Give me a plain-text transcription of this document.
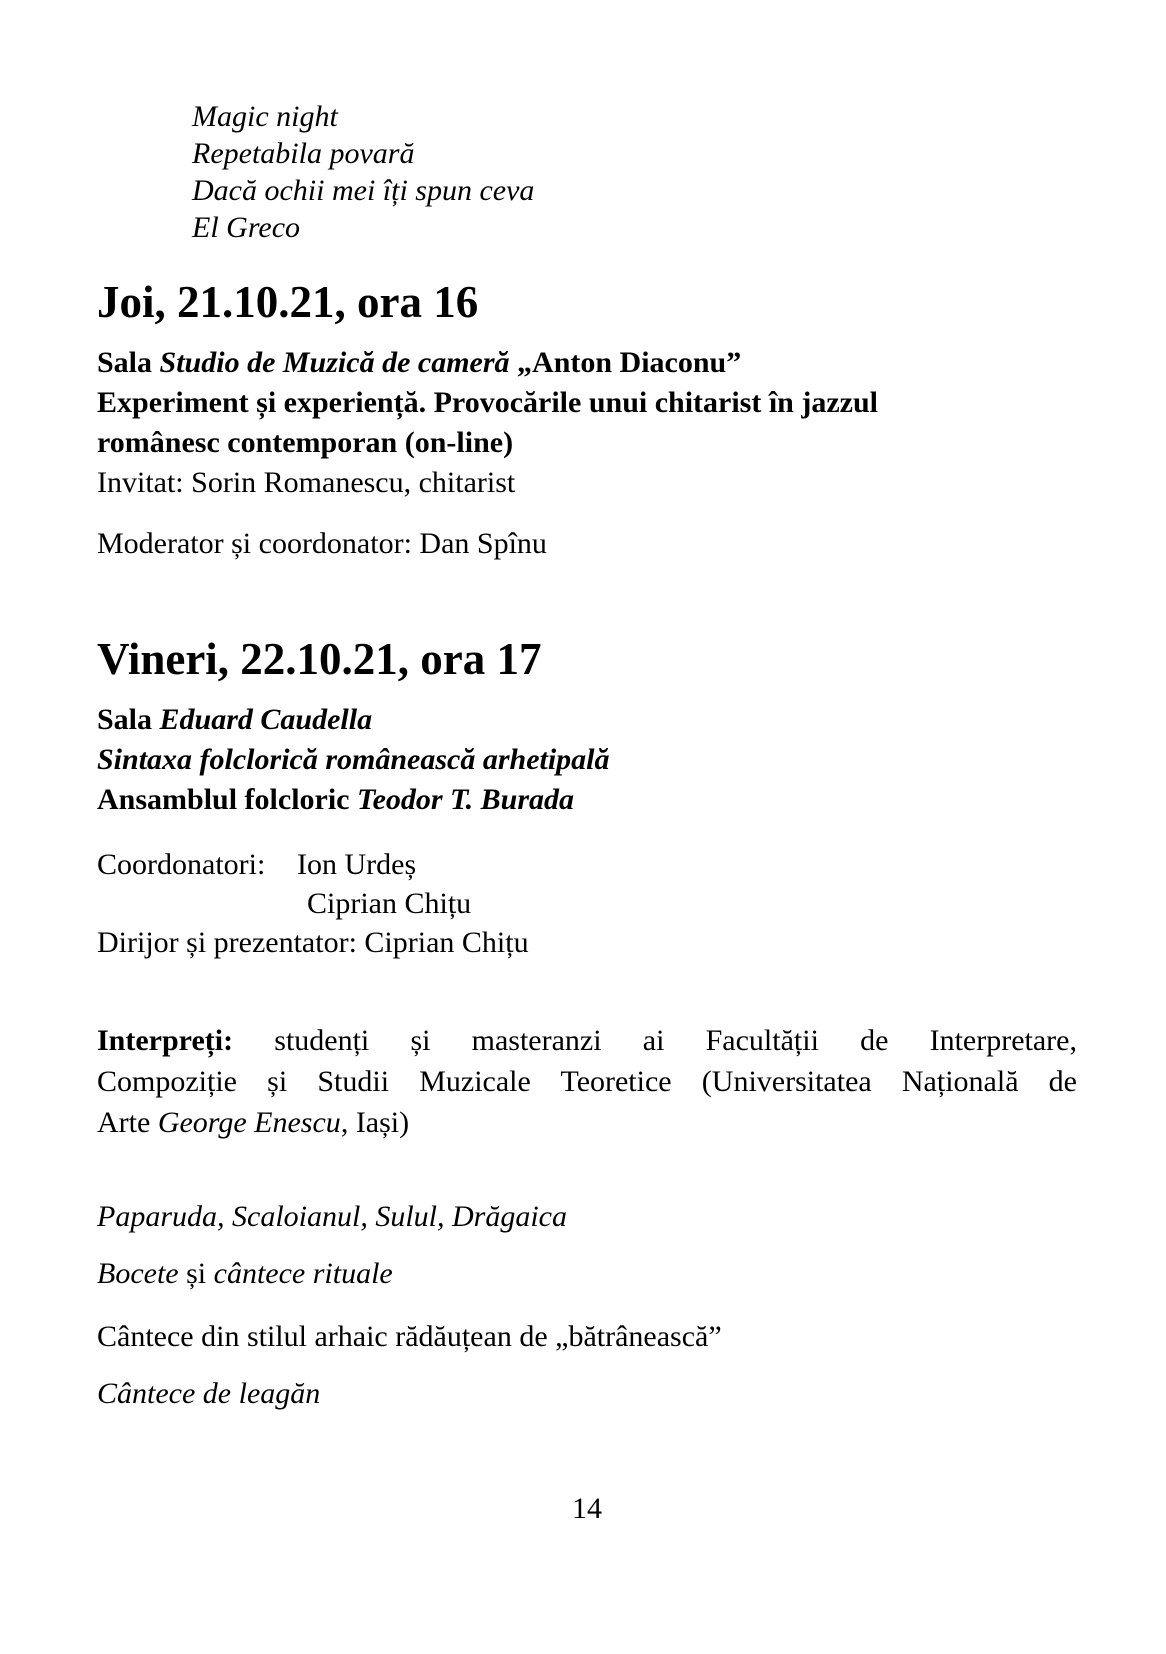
Magic night
Repetabila povară
Dacă ochii mei îți spun ceva
El Greco
Joi, 21.10.21, ora 16
Sala Studio de Muzică de cameră „Anton Diaconu”
Experiment și experiență. Provocările unui chitarist în jazzul
românesc contemporan (on-line)
Invitat: Sorin Romanescu, chitarist
Moderator și coordonator: Dan Spînu
Vineri, 22.10.21, ora 17
Sala Eduard Caudella
Sintaxa folclorică românească arhetipală
Ansamblul folcloric Teodor T. Burada
Coordonatori: Ion Urdeș
Ciprian Chițu
Dirijor și prezentator: Ciprian Chițu
Interpreți: studenți și masteranzi ai Facultății de Interpretare,
Compoziție și Studii Muzicale Teoretice (Universitatea Națională de
Arte George Enescu, Iași)
Paparuda, Scaloianul, Sulul, Drăgaica
Bocete și cântece rituale
Cântece din stilul arhaic rădăuțean de „bătrânească”
Cântece de leagăn
14
